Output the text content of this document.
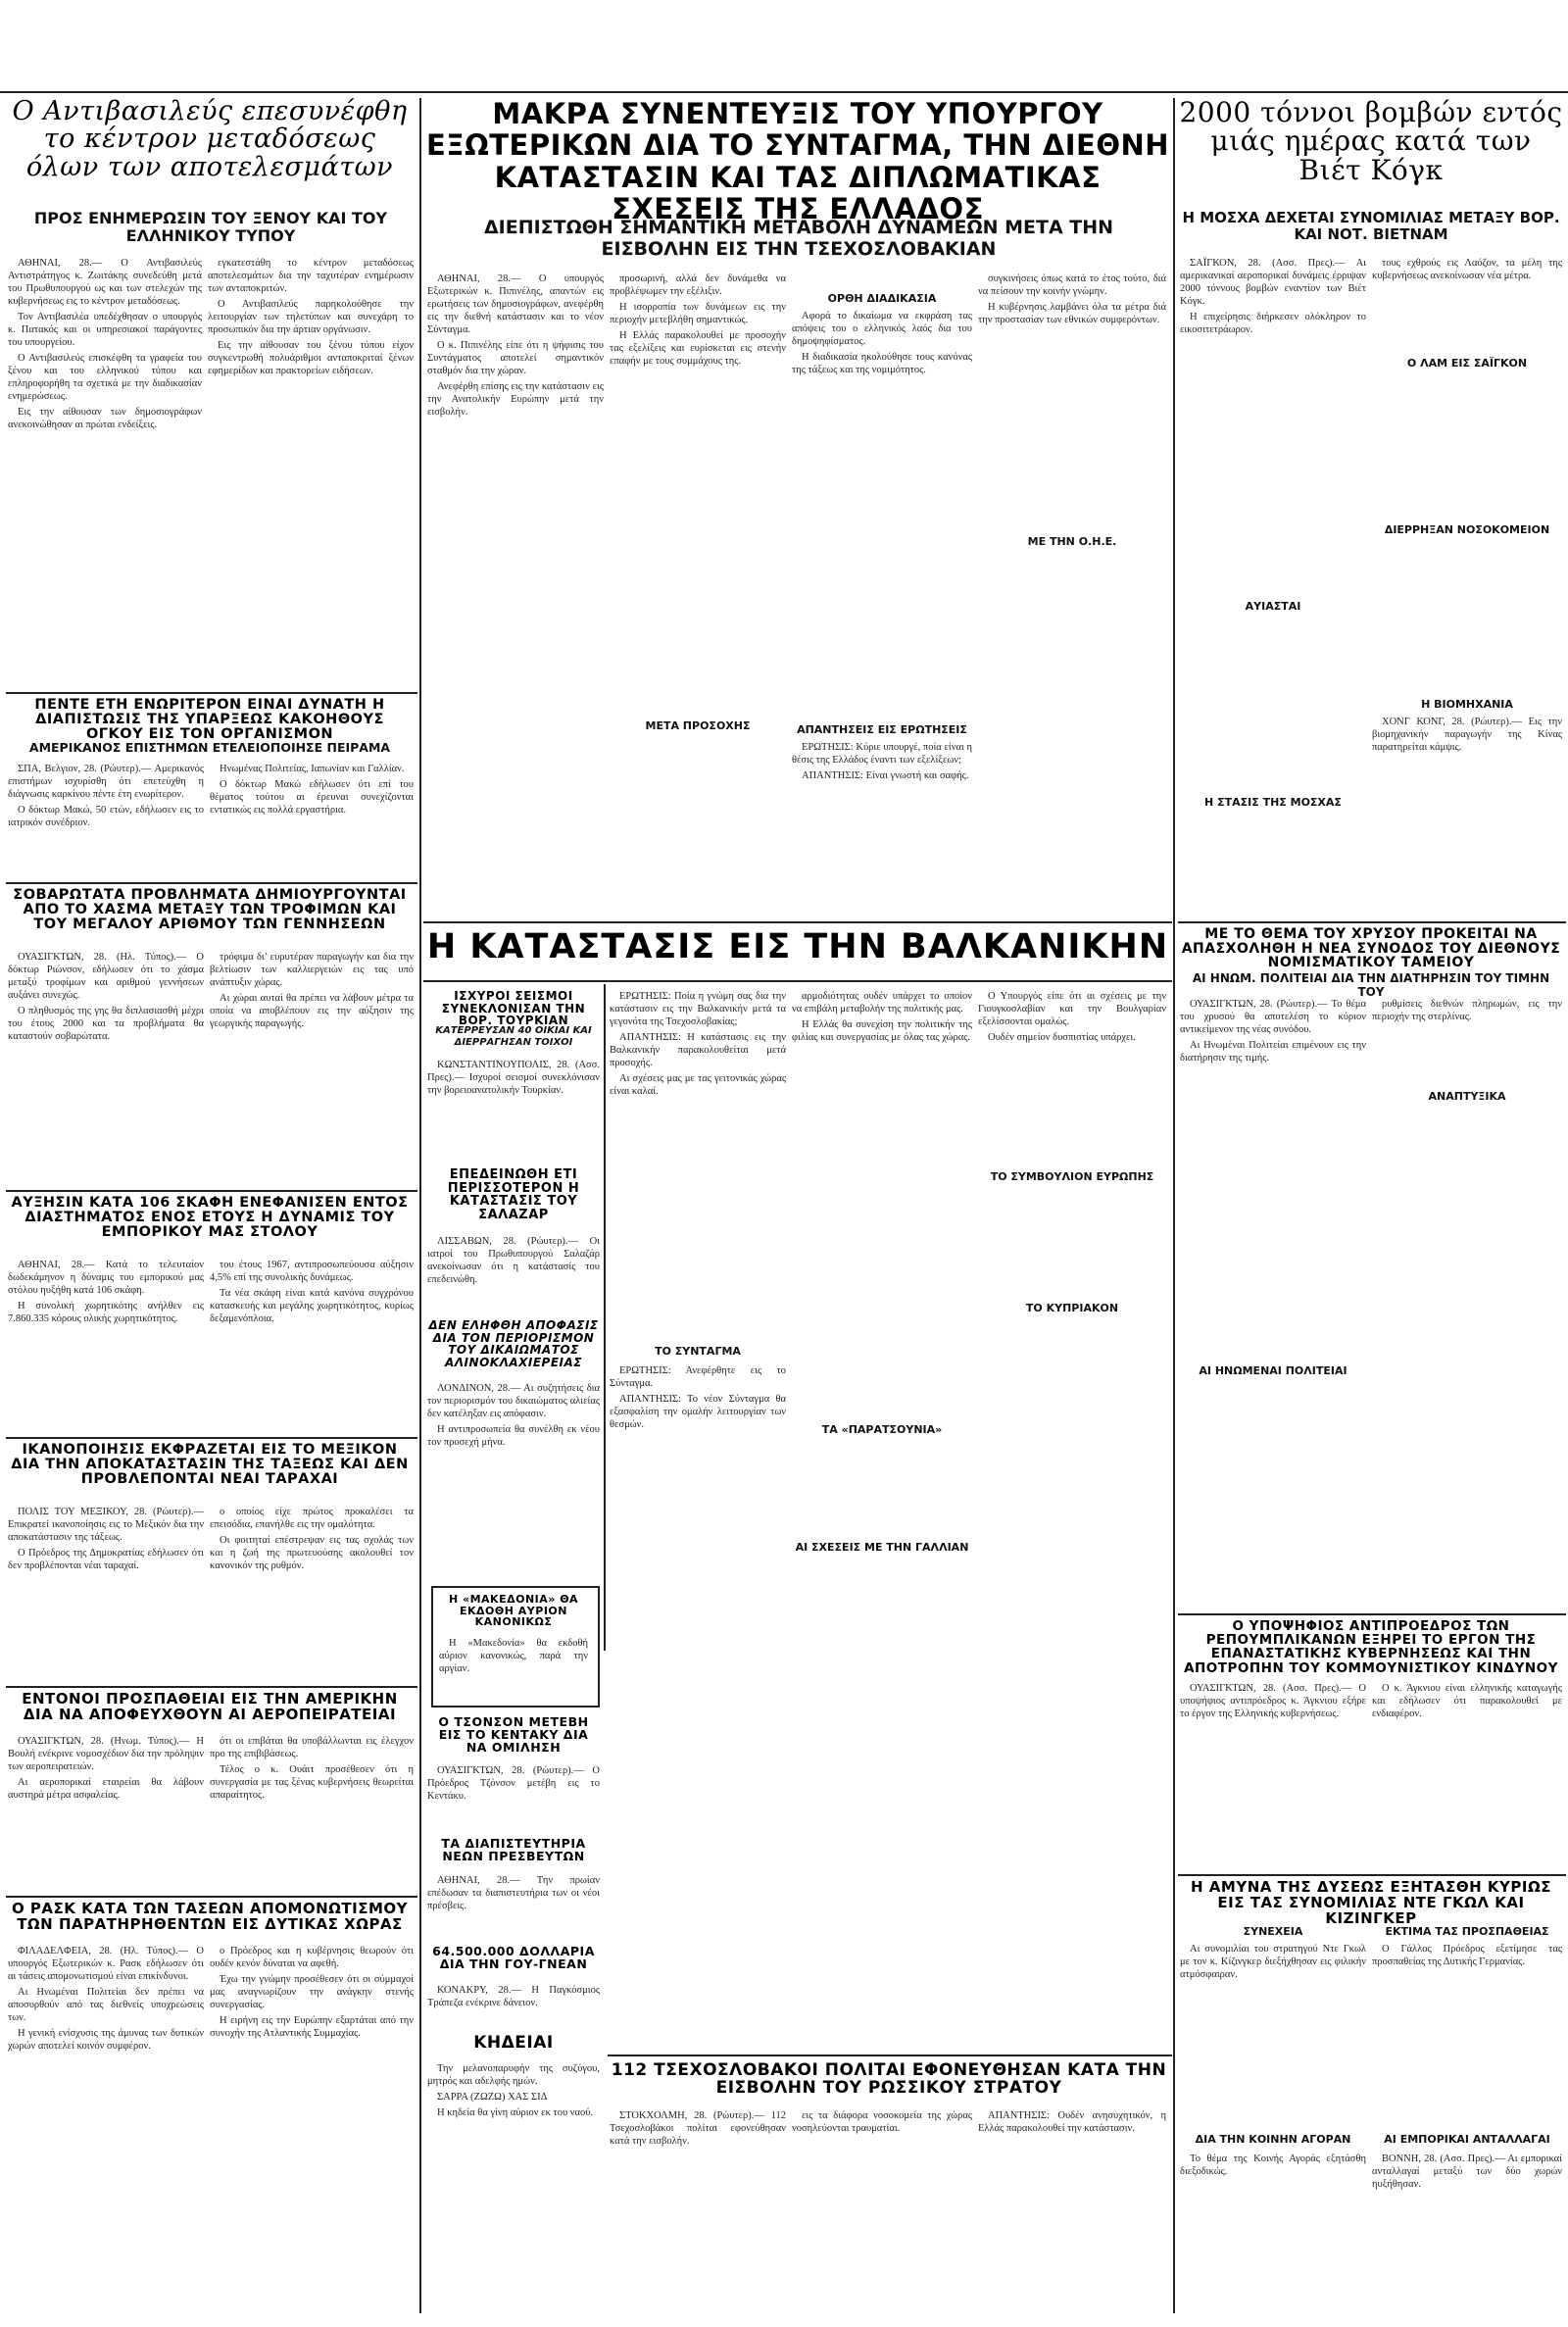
Ο Αντιβασιλεύς επεσυνέφθη το κέντρον μεταδόσεως όλων των αποτελεσμάτων
ΠΡΟΣ ΕΝΗΜΕΡΩΣΙΝ ΤΟΥ ΞΕΝΟΥ ΚΑΙ ΤΟΥ ΕΛΛΗΝΙΚΟΥ ΤΥΠΟΥ

ΑΘΗΝΑΙ, 28.— Ο Αντιβασιλεύς Αντιστράτηγος κ. Ζωιτάκης συνεδεύθη μετά του Πρωθυπουργού ως και των στελεχών της κυβερνήσεως εις το κέντρον μεταδόσεως.

Τον Αντιβασιλέα υπεδέχθησαν ο υπουργός κ. Πατακός και οι υπηρεσιακοί παράγοντες του υπουργείου.

Ο Αντιβασιλεύς επισκέφθη τα γραφεία του ξένου και του ελληνικού τύπου και επληροφορήθη τα σχετικά με την διαδικασίαν ενημερώσεως.

Εις την αίθουσαν των δημοσιογράφων ανεκοινώθησαν αι πρώται ενδείξεις.

εγκατεστάθη το κέντρον μεταδόσεως αποτελεσμάτων δια την ταχυτέραν ενημέρωσιν των ανταποκριτών.

Ο Αντιβασιλεύς παρηκολούθησε την λειτουργίαν των τηλετύπων και συνεχάρη το προσωπικόν δια την άρτιαν οργάνωσιν.

Εις την αίθουσαν του ξένου τύπου είχον συγκεντρωθή πολυάριθμοι ανταποκριταί ξένων εφημερίδων και πρακτορείων ειδήσεων.

ΠΕΝΤΕ ΕΤΗ ΕΝΩΡΙΤΕΡΟΝ ΕΙΝΑΙ ΔΥΝΑΤΗ Η ΔΙΑΠΙΣΤΩΣΙΣ ΤΗΣ ΥΠΑΡΞΕΩΣ ΚΑΚΟΗΘΟΥΣ ΟΓΚΟΥ ΕΙΣ ΤΟΝ ΟΡΓΑΝΙΣΜΟΝ
ΑΜΕΡΙΚΑΝΟΣ ΕΠΙΣΤΗΜΩΝ ΕΤΕΛΕΙΟΠΟΙΗΣΕ ΠΕΙΡΑΜΑ

ΣΠΑ, Βελγιον, 28. (Ρώυτερ).— Αμερικανός επιστήμων ισχυρίσθη ότι επετεύχθη η διάγνωσις καρκίνου πέντε έτη ενωρίτερον.

Ο δόκτωρ Μακώ, 50 ετών, εδήλωσεν εις το ιατρικόν συνέδριον.

Ηνωμένας Πολιτείας, Ιαπωνίαν και Γαλλίαν.

Ο δόκτωρ Μακώ εδήλωσεν ότι επί του θέματος τούτου αι έρευναι συνεχίζονται εντατικώς εις πολλά εργαστήρια.

ΣΟΒΑΡΩΤΑΤΑ ΠΡΟΒΛΗΜΑΤΑ ΔΗΜΙΟΥΡΓΟΥΝΤΑΙ ΑΠΟ ΤΟ ΧΑΣΜΑ ΜΕΤΑΞΥ ΤΩΝ ΤΡΟΦΙΜΩΝ ΚΑΙ ΤΟΥ ΜΕΓΑΛΟΥ ΑΡΙΘΜΟΥ ΤΩΝ ΓΕΝΝΗΣΕΩΝ

ΟΥΑΣΙΓΚΤΩΝ, 28. (Ηλ. Τύπος).— Ο δόκτωρ Ριώνσον, εδήλωσεν ότι το χάσμα μεταξύ τροφίμων και αριθμού γεννήσεων αυξάνει συνεχώς.

Ο πληθυσμός της γης θα διπλασιασθή μέχρι του έτους 2000 και τα προβλήματα θα καταστούν σοβαρώτατα.

τρόφιμα δι’ ευρυτέραν παραγωγήν και δια την βελτίωσιν των καλλιεργειών εις τας υπό ανάπτυξιν χώρας.

Αι χώραι αυταί θα πρέπει να λάβουν μέτρα τα οποία να αποβλέπουν εις την αύξησιν της γεωργικής παραγωγής.

ΑΥΞΗΣΙΝ ΚΑΤΑ 106 ΣΚΑΦΗ ΕΝΕΦΑΝΙΣΕΝ ΕΝΤΟΣ ΔΙΑΣΤΗΜΑΤΟΣ ΕΝΟΣ ΕΤΟΥΣ Η ΔΥΝΑΜΙΣ ΤΟΥ ΕΜΠΟΡΙΚΟΥ ΜΑΣ ΣΤΟΛΟΥ

ΑΘΗΝΑΙ, 28.— Κατά το τελευταίον δωδεκάμηνον η δύναμις του εμπορικού μας στόλου ηυξήθη κατά 106 σκάφη.

Η συνολική χωρητικότης ανήλθεν εις 7.860.335 κόρους ολικής χωρητικότητος.

του έτους 1967, αντιπροσωπεύουσα αύξησιν 4,5% επί της συνολικής δυνάμεως.

Τα νέα σκάφη είναι κατά κανόνα συγχρόνου κατασκευής και μεγάλης χωρητικότητος, κυρίως δεξαμενόπλοια.

ΙΚΑΝΟΠΟΙΗΣΙΣ ΕΚΦΡΑΖΕΤΑΙ ΕΙΣ ΤΟ ΜΕΞΙΚΟΝ ΔΙΑ ΤΗΝ ΑΠΟΚΑΤΑΣΤΑΣΙΝ ΤΗΣ ΤΑΞΕΩΣ ΚΑΙ ΔΕΝ ΠΡΟΒΛΕΠΟΝΤΑΙ ΝΕΑΙ ΤΑΡΑΧΑΙ

ΠΟΛΙΣ ΤΟΥ ΜΕΞΙΚΟΥ, 28. (Ρώυτερ).— Επικρατεί ικανοποίησις εις το Μεξικόν δια την αποκατάστασιν της τάξεως.

Ο Πρόεδρος της Δημοκρατίας εδήλωσεν ότι δεν προβλέπονται νέαι ταραχαί.

ο οποίος είχε πρώτος προκαλέσει τα επεισόδια, επανήλθε εις την ομαλότητα.

Οι φοιτηταί επέστρεψαν εις τας σχολάς των και η ζωή της πρωτευούσης ακολουθεί τον κανονικόν της ρυθμόν.

ΕΝΤΟΝΟΙ ΠΡΟΣΠΑΘΕΙΑΙ ΕΙΣ ΤΗΝ ΑΜΕΡΙΚΗΝ ΔΙΑ ΝΑ ΑΠΟΦΕΥΧΘΟΥΝ ΑΙ ΑΕΡΟΠΕΙΡΑΤΕΙΑΙ

ΟΥΑΣΙΓΚΤΩΝ, 28. (Ηνωμ. Τύπος).— Η Βουλή ενέκρινε νομοσχέδιον δια την πρόληψιν των αεροπειρατειών.

Αι αεροπορικαί εταιρείαι θα λάβουν αυστηρά μέτρα ασφαλείας.

ότι οι επιβάται θα υποβάλλωνται εις έλεγχον προ της επιβιβάσεως.

Τέλος ο κ. Ουάιτ προσέθεσεν ότι η συνεργασία με τας ξένας κυβερνήσεις θεωρείται απαραίτητος.

Ο ΡΑΣΚ ΚΑΤΑ ΤΩΝ ΤΑΣΕΩΝ ΑΠΟΜΟΝΩΤΙΣΜΟΥ ΤΩΝ ΠΑΡΑΤΗΡΗΘΕΝΤΩΝ ΕΙΣ ΔΥΤΙΚΑΣ ΧΩΡΑΣ

ΦΙΛΑΔΕΛΦΕΙΑ, 28. (Ηλ. Τύπος).— Ο υπουργός Εξωτερικών κ. Ρασκ εδήλωσεν ότι αι τάσεις απομονωτισμού είναι επικίνδυνοι.

Αι Ηνωμέναι Πολιτείαι δεν πρέπει να αποσυρθούν από τας διεθνείς υποχρεώσεις των.

Η γενική ενίσχυσις της άμυνας των δυτικών χωρών αποτελεί κοινόν συμφέρον.

ο Πρόεδρος και η κυβέρνησις θεωρούν ότι ουδέν κενόν δύναται να αφεθή.

Έχω την γνώμην προσέθεσεν ότι οι σύμμαχοί μας αναγνωρίζουν την ανάγκην στενής συνεργασίας.

Η ειρήνη εις την Ευρώπην εξαρτάται από την συνοχήν της Ατλαντικής Συμμαχίας.

ΜΑΚΡΑ ΣΥΝΕΝΤΕΥΞΙΣ ΤΟΥ ΥΠΟΥΡΓΟΥ ΕΞΩΤΕΡΙΚΩΝ ΔΙΑ ΤΟ ΣΥΝΤΑΓΜΑ, ΤΗΝ ΔΙΕΘΝΗ ΚΑΤΑΣΤΑΣΙΝ ΚΑΙ ΤΑΣ ΔΙΠΛΩΜΑΤΙΚΑΣ ΣΧΕΣΕΙΣ ΤΗΣ ΕΛΛΑΔΟΣ
ΔΙΕΠΙΣΤΩΘΗ ΣΗΜΑΝΤΙΚΗ ΜΕΤΑΒΟΛΗ ΔΥΝΑΜΕΩΝ ΜΕΤΑ ΤΗΝ ΕΙΣΒΟΛΗΝ ΕΙΣ ΤΗΝ ΤΣΕΧΟΣΛΟΒΑΚΙΑΝ

ΑΘΗΝΑΙ, 28.— Ο υπουργός Εξωτερικών κ. Πιπινέλης, απαντών εις ερωτήσεις των δημοσιογράφων, ανεφέρθη εις την διεθνή κατάστασιν και το νέον Σύνταγμα.

Ο κ. Πιπινέλης είπε ότι η ψήφισις του Συντάγματος αποτελεί σημαντικόν σταθμόν δια την χώραν.

Ανεφέρθη επίσης εις την κατάστασιν εις την Ανατολικήν Ευρώπην μετά την εισβολήν.

προσωρινή, αλλά δεν δυνάμεθα να προβλέψωμεν την εξέλιξιν.

Η ισορροπία των δυνάμεων εις την περιοχήν μετεβλήθη σημαντικώς.

Η Ελλάς παρακολουθεί με προσοχήν τας εξελίξεις και ευρίσκεται εις στενήν επαφήν με τους συμμάχους της.

ΟΡΘΗ ΔΙΑΔΙΚΑΣΙΑ

Αφορά το δικαίωμα να εκφράση τας απόψεις του ο ελληνικός λαός δια του δημοψηφίσματος.

Η διαδικασία ηκολούθησε τους κανόνας της τάξεως και της νομιμότητος.

ΑΠΑΝΤΗΣΕΙΣ ΕΙΣ ΕΡΩΤΗΣΕΙΣ

ΕΡΩΤΗΣΙΣ: Κύριε υπουργέ, ποία είναι η θέσις της Ελλάδος έναντι των εξελίξεων;

ΑΠΑΝΤΗΣΙΣ: Είναι γνωστή και σαφής.

συγκινήσεις όπως κατά το έτος τούτο, διά να πείσουν την κοινήν γνώμην.

Η κυβέρνησις λαμβάνει όλα τα μέτρα διά την προστασίαν των εθνικών συμφερόντων.

ΜΕΤΑ ΠΡΟΣΟΧΗΣ
ΜΕ ΤΗΝ Ο.Η.Ε.
Η ΚΑΤΑΣΤΑΣΙΣ ΕΙΣ ΤΗΝ ΒΑΛΚΑΝΙΚΗΝ
ΙΣΧΥΡΟΙ ΣΕΙΣΜΟΙ ΣΥΝΕΚΛΟΝΙΣΑΝ ΤΗΝ ΒΟΡ. ΤΟΥΡΚΙΑΝ
ΚΑΤΕΡΡΕΥΣΑΝ 40 ΟΙΚΙΑΙ ΚΑΙ ΔΙΕΡΡΑΓΗΣΑΝ ΤΟΙΧΟΙ

ΚΩΝΣΤΑΝΤΙΝΟΥΠΟΛΙΣ, 28. (Ασσ. Πρες).— Ισχυροί σεισμοί συνεκλόνισαν την βορειοανατολικήν Τουρκίαν.

ΕΠΕΔΕΙΝΩΘΗ ΕΤΙ ΠΕΡΙΣΣΟΤΕΡΟΝ Η ΚΑΤΑΣΤΑΣΙΣ ΤΟΥ ΣΑΛΑΖΑΡ

ΛΙΣΣΑΒΩΝ, 28. (Ρώυτερ).— Οι ιατροί του Πρωθυπουργού Σαλαζάρ ανεκοίνωσαν ότι η κατάστασίς του επεδεινώθη.

ΔΕΝ ΕΛΗΦΘΗ ΑΠΟΦΑΣΙΣ ΔΙΑ ΤΟΝ ΠΕΡΙΟΡΙΣΜΟΝ ΤΟΥ ΔΙΚΑΙΩΜΑΤΟΣ ΑΛΙΝΟΚΛΑΧΙΕΡΕΙΑΣ

ΛΟΝΔΙΝΟΝ, 28.— Αι συζητήσεις δια τον περιορισμόν του δικαιώματος αλιείας δεν κατέληξαν εις απόφασιν.

Η αντιπροσωπεία θα συνέλθη εκ νέου τον προσεχή μήνα.

Η «ΜΑΚΕΔΟΝΙΑ» ΘΑ ΕΚΔΟΘΗ ΑΥΡΙΟΝ ΚΑΝΟΝΙΚΩΣ

Η «Μακεδονία» θα εκδοθή αύριον κανονικώς, παρά την αργίαν.

Ο ΤΣΟΝΣΟΝ ΜΕΤΕΒΗ ΕΙΣ ΤΟ ΚΕΝΤΑΚΥ ΔΙΑ ΝΑ ΟΜΙΛΗΣΗ

ΟΥΑΣΙΓΚΤΩΝ, 28. (Ρώυτερ).— Ο Πρόεδρος Τζόνσον μετέβη εις το Κεντάκυ.

ΤΑ ΔΙΑΠΙΣΤΕΥΤΗΡΙΑ ΝΕΩΝ ΠΡΕΣΒΕΥΤΩΝ

ΑΘΗΝΑΙ, 28.— Την πρωίαν επέδωσαν τα διαπιστευτήρια των οι νέοι πρέσβεις.

64.500.000 ΔΟΛΛΑΡΙΑ ΔΙΑ ΤΗΝ ΓΟΥ-ΓΝΕΑΝ

ΚΟΝΑΚΡΥ, 28.— Η Παγκόσμιος Τράπεζα ενέκρινε δάνειον.

ΚΗΔΕΙΑΙ

Την μελανοπαρυφήν της συζύγου, μητρός και αδελφής ημών.

ΣΑΡΡΑ (ΖΩΖΩ) ΧΑΣ ΣΙΔ

Η κηδεία θα γίνη αύριον εκ του ναού.

ΕΡΩΤΗΣΙΣ: Ποία η γνώμη σας δια την κατάστασιν εις την Βαλκανικήν μετά τα γεγονότα της Τσεχοσλοβακίας;

ΑΠΑΝΤΗΣΙΣ: Η κατάστασις εις την Βαλκανικήν παρακολουθείται μετά προσοχής.

Αι σχέσεις μας με τας γειτονικάς χώρας είναι καλαί.

ΤΟ ΣΥΝΤΑΓΜΑ

ΕΡΩΤΗΣΙΣ: Ανεφέρθητε εις το Σύνταγμα.

ΑΠΑΝΤΗΣΙΣ: Το νέον Σύνταγμα θα εξασφαλίση την ομαλήν λειτουργίαν των θεσμών.

αρμοδιότητας ουδέν υπάρχει το οποίον να επιβάλη μεταβολήν της πολιτικής μας.

Η Ελλάς θα συνεχίση την πολιτικήν της φιλίας και συνεργασίας με όλας τας χώρας.

ΤΑ «ΠΑΡΑΤΣΟΥΝΙΑ»
ΑΙ ΣΧΕΣΕΙΣ ΜΕ ΤΗΝ ΓΑΛΛΙΑΝ

Ο Υπουργός είπε ότι αι σχέσεις με την Γιουγκοσλαβίαν και την Βουλγαρίαν εξελίσσονται ομαλώς.

Ουδέν σημείον δυσπιστίας υπάρχει.

ΤΟ ΣΥΜΒΟΥΛΙΟΝ ΕΥΡΩΠΗΣ
ΤΟ ΚΥΠΡΙΑΚΟΝ
112 ΤΣΕΧΟΣΛΟΒΑΚΟΙ ΠΟΛΙΤΑΙ ΕΦΟΝΕΥΘΗΣΑΝ ΚΑΤΑ ΤΗΝ ΕΙΣΒΟΛΗΝ ΤΟΥ ΡΩΣΣΙΚΟΥ ΣΤΡΑΤΟΥ

ΣΤΟΚΧΟΛΜΗ, 28. (Ρώυτερ).— 112 Τσεχοσλοβάκοι πολίται εφονεύθησαν κατά την εισβολήν.

εις τα διάφορα νοσοκομεία της χώρας νοσηλεύονται τραυματίαι.

ΑΠΑΝΤΗΣΙΣ: Ουδέν ανησυχητικόν, η Ελλάς παρακολουθεί την κατάστασιν.

2000 τόννοι βομβών εντός μιάς ημέρας κατά των Βιέτ Κόγκ
Η ΜΟΣΧΑ ΔΕΧΕΤΑΙ ΣΥΝΟΜΙΛΙΑΣ ΜΕΤΑΞΥ ΒΟΡ. ΚΑΙ ΝΟΤ. ΒΙΕΤΝΑΜ

ΣΑΪΓΚΟΝ, 28. (Ασσ. Πρες).— Αι αμερικανικαί αεροπορικαί δυνάμεις έρριψαν 2000 τόννους βομβών εναντίον των Βιέτ Κόγκ.

Η επιχείρησις διήρκεσεν ολόκληρον το εικοσιτετράωρον.

τους εχθρούς εις Λαόζον, τα μέλη της κυβερνήσεως ανεκοίνωσαν νέα μέτρα.

Ο ΛΑΜ ΕΙΣ ΣΑΪΓΚΟΝ
ΔΙΕΡΡΗΞΑΝ ΝΟΣΟΚΟΜΕΙΟΝ
ΑΥΙΑΣΤΑΙ
Η ΒΙΟΜΗΧΑΝΙΑ
Η ΣΤΑΣΙΣ ΤΗΣ ΜΟΣΧΑΣ

ΧΟΝΓ ΚΟΝΓ, 28. (Ρώυτερ).— Εις την βιομηχανικήν παραγωγήν της Κίνας παρατηρείται κάμψις.

ΜΕ ΤΟ ΘΕΜΑ ΤΟΥ ΧΡΥΣΟΥ ΠΡΟΚΕΙΤΑΙ ΝΑ ΑΠΑΣΧΟΛΗΘΗ Η ΝΕΑ ΣΥΝΟΔΟΣ ΤΟΥ ΔΙΕΘΝΟΥΣ ΝΟΜΙΣΜΑΤΙΚΟΥ ΤΑΜΕΙΟΥ
ΑΙ ΗΝΩΜ. ΠΟΛΙΤΕΙΑΙ ΔΙΑ ΤΗΝ ΔΙΑΤΗΡΗΣΙΝ ΤΟΥ ΤΙΜΗΝ ΤΟΥ

ΟΥΑΣΙΓΚΤΩΝ, 28. (Ρώυτερ).— Το θέμα του χρυσού θα αποτελέση το κύριον αντικείμενον της νέας συνόδου.

Αι Ηνωμέναι Πολιτείαι επιμένουν εις την διατήρησιν της τιμής.

ΑΝΑΠΤΥΞΙΚΑ

ρυθμίσεις διεθνών πληρωμών, εις την περιοχήν της στερλίνας.

ΑΙ ΗΝΩΜΕΝΑΙ ΠΟΛΙΤΕΙΑΙ
Ο ΥΠΟΨΗΦΙΟΣ ΑΝΤΙΠΡΟΕΔΡΟΣ ΤΩΝ ΡΕΠΟΥΜΠΛΙΚΑΝΩΝ ΕΞΗΡΕΙ ΤΟ ΕΡΓΟΝ ΤΗΣ ΕΠΑΝΑΣΤΑΤΙΚΗΣ ΚΥΒΕΡΝΗΣΕΩΣ ΚΑΙ ΤΗΝ ΑΠΟΤΡΟΠΗΝ ΤΟΥ ΚΟΜΜΟΥΝΙΣΤΙΚΟΥ ΚΙΝΔΥΝΟΥ

ΟΥΑΣΙΓΚΤΩΝ, 28. (Ασσ. Πρες).— Ο υποψήφιος αντιπρόεδρος κ. Άγκνιου εξήρε το έργον της Ελληνικής κυβερνήσεως.

Ο κ. Άγκνιου είναι ελληνικής καταγωγής και εδήλωσεν ότι παρακολουθεί με ενδιαφέρον.

Η ΑΜΥΝΑ ΤΗΣ ΔΥΣΕΩΣ ΕΞΗΤΑΣΘΗ ΚΥΡΙΩΣ ΕΙΣ ΤΑΣ ΣΥΝΟΜΙΛΙΑΣ ΝΤΕ ΓΚΩΛ ΚΑΙ ΚΙΖΙΝΓΚΕΡ
ΣΥΝΕΧΕΙΑ

Αι συνομιλίαι του στρατηγού Ντε Γκωλ με τον κ. Κίζινγκερ διεξήχθησαν εις φιλικήν ατμόσφαιραν.

ΕΚΤΙΜΑ ΤΑΣ ΠΡΟΣΠΑΘΕΙΑΣ

Ο Γάλλος Πρόεδρος εξετίμησε τας προσπαθείας της Δυτικής Γερμανίας.

ΔΙΑ ΤΗΝ ΚΟΙΝΗΝ ΑΓΟΡΑΝ	ΑΙ ΕΜΠΟΡΙΚΑΙ ΑΝΤΑΛΛΑΓΑΙ

Το θέμα της Κοινής Αγοράς εξητάσθη διεξοδικώς.

ΒΟΝΝΗ, 28. (Ασσ. Πρες).— Αι εμπορικαί ανταλλαγαί μεταξύ των δύο χωρών ηυξήθησαν.
